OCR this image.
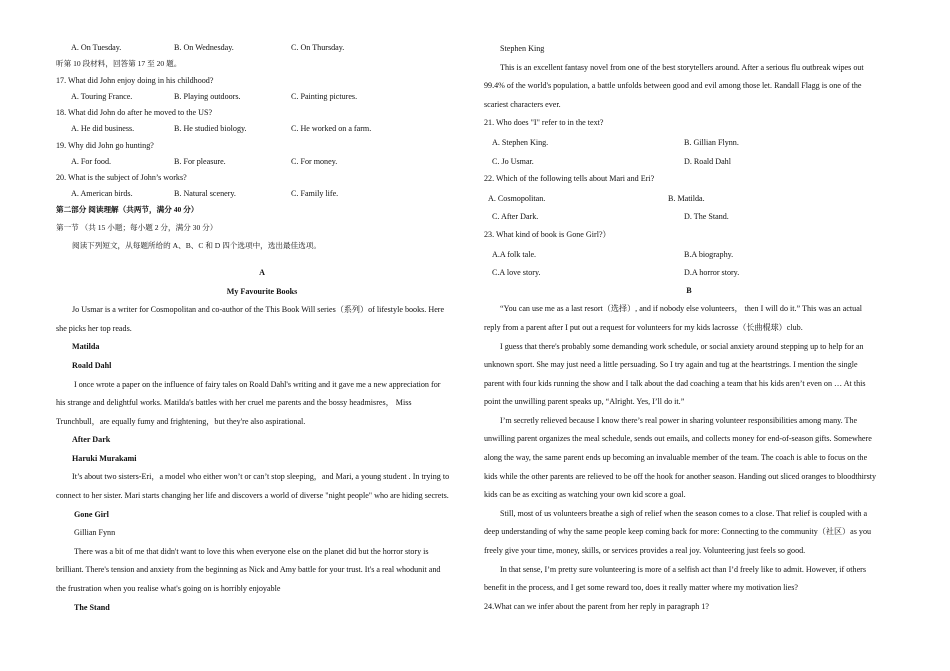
A. On Tuesday.	B. On Wednesday.	C. On Thursday.
听第 10 段材料，回答第 17 至 20 题。
17. What did John enjoy doing in his childhood?
A. Touring France.	B. Playing outdoors.	C. Painting pictures.
18. What did John do after he moved to the US?
A. He did business.	B. He studied biology.	C. He worked on a farm.
19. Why did John go hunting?
A. For food.	B. For pleasure.	C. For money.
20. What is the subject of John’s works?
A. American birds.	B. Natural scenery.	C. Family life.
第二部分 阅读理解（共两节，满分 40 分）
第一节 （共 15 小题；每小题 2 分，满分 30 分）
阅读下列短文，从每题所给的 A、B、C 和 D 四个选项中，选出最佳选项。
A
My Favourite Books
Jo Usmar is a writer for Cosmopolitan and co-author of the This Book Will series（系列）of lifestyle books. Here
she picks her top reads.
Matilda
Roald Dahl
I once wrote a paper on the influence of fairy tales on Roald Dahl's writing and it gave me a new appreciation for
his strange and delightful works. Matilda's battles with her cruel me parents and the bossy headmisres， Miss
Trunchbull，are equally fumy and frightening，but they're also aspirational.
After Dark
Haruki Murakami
It’s about two sisters-Eri，a model who either won’t or can’t stop sleeping，and Mari, a young student . In trying to
connect to her sister. Mari starts changing her life and discovers a world of diverse "night people" who are hiding secrets.
Gone Girl
Gillian Fynn
There was a bit of me that didn't want to love this when everyone else on the planet did but the horror story is
brilliant. There's tension and anxiety from the beginning as Nick and Amy battle for your trust. It's a real whodunit and
the frustration when you realise what's going on is horribly enjoyable
The Stand
Stephen King
This is an excellent fantasy novel from one of the best storytellers around. After a serious flu outbreak wipes out
99.4% of the world's population, a battle unfolds between good and evil among those let. Randall Flagg is one of the
scariest characters ever.
21. Who does "I" refer to in the text?
A. Stephen King.	B. Gillian Flynn.
C. Jo Usmar.	D. Roald Dahl
22. Which of the following tells about Mari and Eri?
A. Cosmopolitan.	B. Matilda.
C. After Dark.	D. The Stand.
23. What kind of book is Gone Girl?）
A.A folk tale.	B.A biography.
C.A love story.	D.A horror story.
B
“You can use me as a last resort（选择）, and if nobody else volunteers， then I will do it.” This was an actual
reply from a parent after I put out a request for volunteers for my kids lacrosse（长曲棍球）club.
I guess that there's probably some demanding work schedule, or social anxiety around stepping up to help for an
unknown sport. She may just need a little persuading. So I try again and tug at the heartstrings. I mention the single
parent with four kids running the show and I talk about the dad coaching a team that his kids aren’t even on … At this
point the unwilling parent speaks up, “Alright. Yes, I’ll do it.”
I’m secretly relieved because I know there’s real power in sharing volunteer responsibilities among many. The
unwilling parent organizes the meal schedule, sends out emails, and collects money for end-of-season gifts. Somewhere
along the way, the same parent ends up becoming an invaluable member of the team. The coach is able to focus on the
kids while the other parents are relieved to be off the hook for another season. Handing out sliced oranges to bloodthirsty
kids can be as exciting as watching your own kid score a goal.
Still, most of us volunteers breathe a sigh of relief when the season comes to a close. That relief is coupled with a
deep understanding of why the same people keep coming back for more: Connecting to the community（社区）as you
freely give your time, money, skills, or services provides a real joy. Volunteering just feels so good.
In that sense, I’m pretty sure volunteering is more of a selfish act than I’d freely like to admit. However, if others
benefit in the process, and I get some reward too, does it really matter where my motivation lies?
24.What can we infer about the parent from her reply in paragraph 1?
